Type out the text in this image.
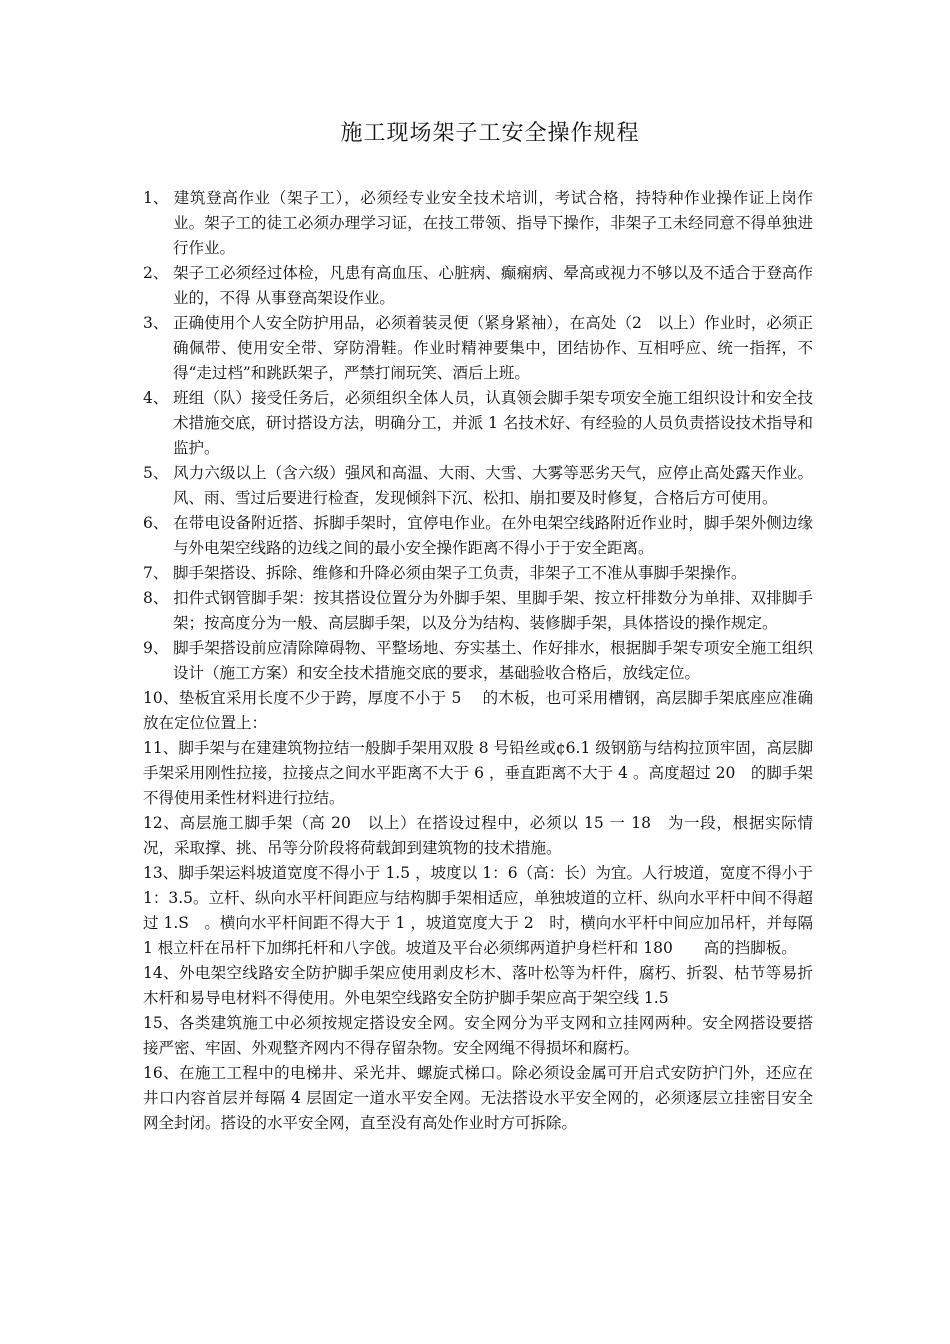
施工现场架子工安全操作规程

1、 建筑登高作业（架子工），必须经专业安全技术培训，考试合格，持特种作业操作证上岗作业。架子工的徒工必须办理学习证，在技工带领、指导下操作，非架子工未经同意不得单独进行作业。

2、 架子工必须经过体检，凡患有高血压、心脏病、癫痫病、晕高或视力不够以及不适合于登高作业的，不得 从事登高架设作业。

3、 正确使用个人安全防护用品，必须着装灵便（紧身紧袖），在高处（2　以上）作业时，必须正确佩带、使用安全带、穿防滑鞋。作业时精神要集中，团结协作、互相呼应、统一指挥，不得“走过档”和跳跃架子，严禁打闹玩笑、酒后上班。

4、 班组（队）接受任务后，必须组织全体人员，认真领会脚手架专项安全施工组织设计和安全技术措施交底，研讨搭设方法，明确分工，并派 1 名技术好、有经验的人员负责搭设技术指导和监护。

5、 风力六级以上（含六级）强风和高温、大雨、大雪、大雾等恶劣天气，应停止高处露天作业。风、雨、雪过后要进行检查，发现倾斜下沉、松扣、崩扣要及时修复，合格后方可使用。

6、 在带电设备附近搭、拆脚手架时，宜停电作业。在外电架空线路附近作业时，脚手架外侧边缘与外电架空线路的边线之间的最小安全操作距离不得小于于安全距离。

7、 脚手架搭设、拆除、维修和升降必须由架子工负责，非架子工不准从事脚手架操作。

8、 扣件式钢管脚手架：按其搭设位置分为外脚手架、里脚手架、按立杆排数分为单排、双排脚手架；按高度分为一般、高层脚手架，以及分为结构、装修脚手架，具体搭设的操作规定。

9、 脚手架搭设前应清除障碍物、平整场地、夯实基土、作好排水，根据脚手架专项安全施工组织设计（施工方案）和安全技术措施交底的要求，基础验收合格后，放线定位。

10、垫板宜采用长度不少于跨，厚度不小于 5　 的木板，也可采用槽钢，高层脚手架底座应准确放在定位位置上：

11、脚手架与在建建筑物拉结一般脚手架用双股 8 号铅丝或¢6.1 级钢筋与结构拉顶牢固，高层脚手架采用刚性拉接，拉接点之间水平距离不大于 6 ，垂直距离不大于 4 。高度超过 20　的脚手架不得使用柔性材料进行拉结。

12、高层施工脚手架（高 20　以上）在搭设过程中，必须以 15 一 18　为一段，根据实际情况，采取撑、挑、吊等分阶段将荷载卸到建筑物的技术措施。

13、脚手架运料坡道宽度不得小于 1.5 ，坡度以 1：6（高：长）为宜。人行坡道，宽度不得小于 1：3.5。立杆、纵向水平杆间距应与结构脚手架相适应，单独坡道的立杆、纵向水平杆中间不得超过 1.S　。横向水平杆间距不得大于 1 ，坡道宽度大于 2　时，横向水平杆中间应加吊杆，并每隔 1 根立杆在吊杆下加绑托杆和八字戗。坡道及平台必须绑两道护身栏杆和 180　　高的挡脚板。

14、外电架空线路安全防护脚手架应使用剥皮杉木、落叶松等为杆件，腐朽、折裂、枯节等易折木杆和易导电材料不得使用。外电架空线路安全防护脚手架应高于架空线 1.5

15、各类建筑施工中必须按规定搭设安全网。安全网分为平支网和立挂网两种。安全网搭设要搭接严密、牢固、外观整齐网内不得存留杂物。安全网绳不得损坏和腐朽。

16、在施工工程中的电梯井、采光井、螺旋式梯口。除必须设金属可开启式安防护门外，还应在井口内容首层并每隔 4 层固定一道水平安全网。无法搭设水平安全网的，必须逐层立挂密目安全网全封闭。搭设的水平安全网，直至没有高处作业时方可拆除。
